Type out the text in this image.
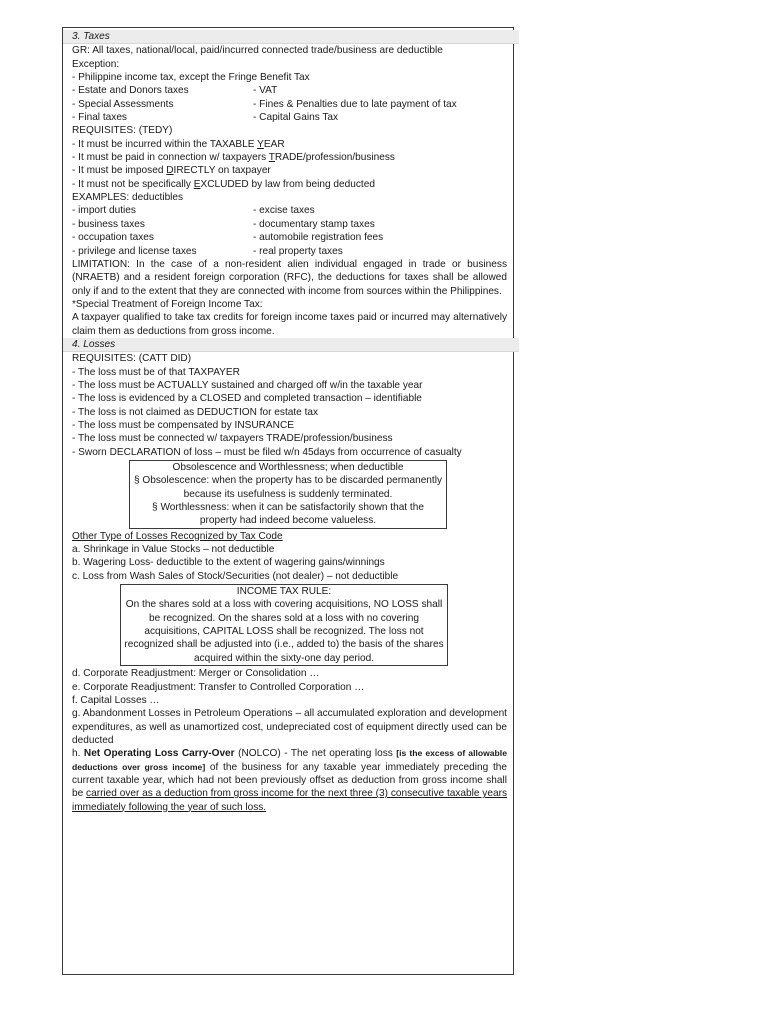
3. Taxes
GR: All taxes, national/local, paid/incurred connected trade/business are deductible
Exception:
- Philippine income tax, except the Fringe Benefit Tax
- Estate and Donors taxes	- VAT
- Special Assessments	- Fines & Penalties due to late payment of tax
- Final taxes	- Capital Gains Tax
REQUISITES: (TEDY)
- It must be incurred within the TAXABLE YEAR
- It must be paid in connection w/ taxpayers TRADE/profession/business
- It must be imposed DIRECTLY on taxpayer
- It must not be specifically EXCLUDED by law from being deducted
EXAMPLES: deductibles
- import duties	- excise taxes
- business taxes	- documentary stamp taxes
- occupation taxes	- automobile registration fees
- privilege and license taxes	- real property taxes
LIMITATION: In the case of a non-resident alien individual engaged in trade or business (NRAETB) and a resident foreign corporation (RFC), the deductions for taxes shall be allowed only if and to the extent that they are connected with income from sources within the Philippines.
*Special Treatment of Foreign Income Tax:
A taxpayer qualified to take tax credits for foreign income taxes paid or incurred may alternatively claim them as deductions from gross income.
4. Losses
REQUISITES: (CATT DID)
- The loss must be of that TAXPAYER
- The loss must be ACTUALLY sustained and charged off w/in the taxable year
- The loss is evidenced by a CLOSED and completed transaction – identifiable
- The loss is not claimed as DEDUCTION for estate tax
- The loss must be compensated by INSURANCE
- The loss must be connected w/ taxpayers TRADE/profession/business
- Sworn DECLARATION of loss – must be filed w/n 45days from occurrence of casualty
Obsolescence and Worthlessness; when deductible
§ Obsolescence: when the property has to be discarded permanently because its usefulness is suddenly terminated.
§ Worthlessness: when it can be satisfactorily shown that the property had indeed become valueless.
Other Type of Losses Recognized by Tax Code
a. Shrinkage in Value Stocks – not deductible
b. Wagering Loss- deductible to the extent of wagering gains/winnings
c. Loss from Wash Sales of Stock/Securities (not dealer) – not deductible
INCOME TAX RULE:
On the shares sold at a loss with covering acquisitions, NO LOSS shall be recognized. On the shares sold at a loss with no covering acquisitions, CAPITAL LOSS shall be recognized. The loss not recognized shall be adjusted into (i.e., added to) the basis of the shares acquired within the sixty-one day period.
d. Corporate Readjustment: Merger or Consolidation …
e. Corporate Readjustment: Transfer to Controlled Corporation …
f. Capital Losses …
g. Abandonment Losses in Petroleum Operations – all accumulated exploration and development expenditures, as well as unamortized cost, undepreciated cost of equipment directly used can be deducted
h. Net Operating Loss Carry-Over (NOLCO) - The net operating loss [is the excess of allowable deductions over gross income] of the business for any taxable year immediately preceding the current taxable year, which had not been previously offset as deduction from gross income shall be carried over as a deduction from gross income for the next three (3) consecutive taxable years immediately following the year of such loss.
